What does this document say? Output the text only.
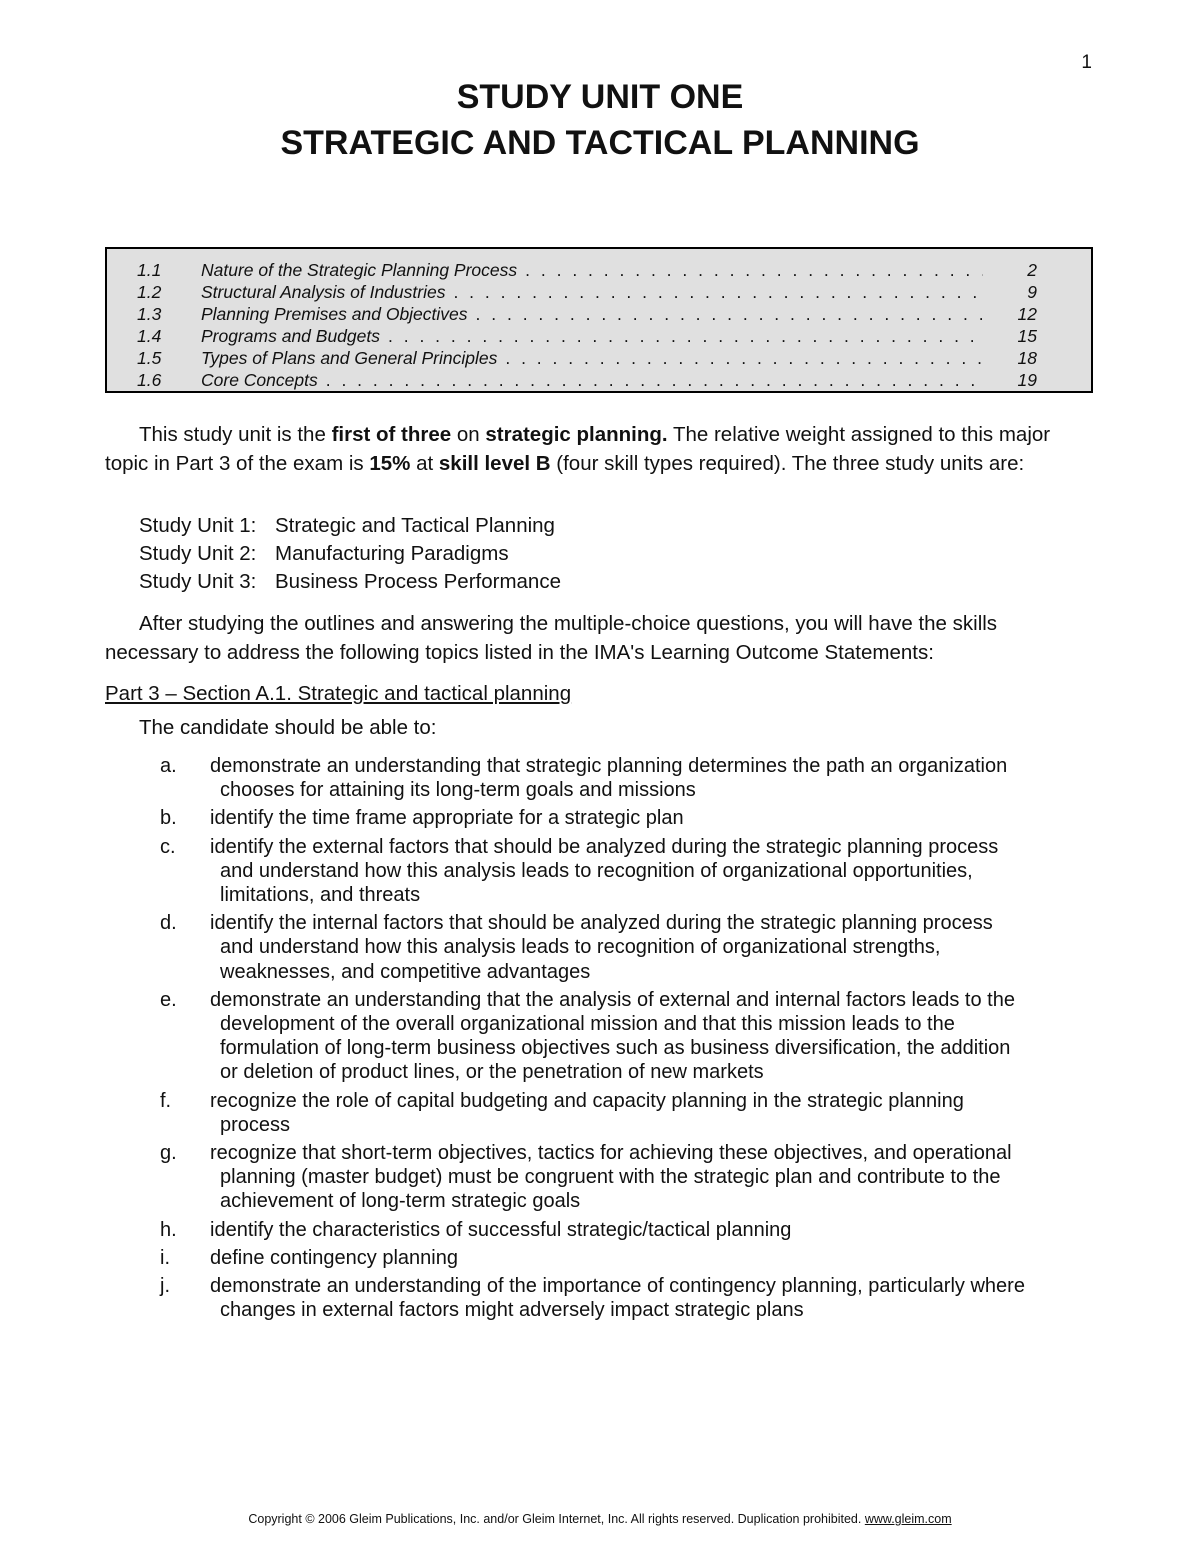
1

STUDY UNIT ONE

STRATEGIC AND TACTICAL PLANNING

1.1	Nature of the Strategic Planning Process . . .	2
1.2	Structural Analysis of Industries . . .	9
1.3	Planning Premises and Objectives . . .	12
1.4	Programs and Budgets . . .	15
1.5	Types of Plans and General Principles . . .	18
1.6	Core Concepts . . .	19

This study unit is the first of three on strategic planning. The relative weight assigned to this major topic in Part 3 of the exam is 15% at skill level B (four skill types required). The three study units are:

Study Unit 1: Strategic and Tactical Planning
Study Unit 2: Manufacturing Paradigms
Study Unit 3: Business Process Performance

After studying the outlines and answering the multiple-choice questions, you will have the skills necessary to address the following topics listed in the IMA's Learning Outcome Statements:

Part 3 – Section A.1. Strategic and tactical planning
The candidate should be able to:
a.	demonstrate an understanding that strategic planning determines the path an organization
chooses for attaining its long-term goals and missions
b.	identify the time frame appropriate for a strategic plan
c.	identify the external factors that should be analyzed during the strategic planning process
and understand how this analysis leads to recognition of organizational opportunities,
limitations, and threats
d.	identify the internal factors that should be analyzed during the strategic planning process
and understand how this analysis leads to recognition of organizational strengths,
weaknesses, and competitive advantages
e.	demonstrate an understanding that the analysis of external and internal factors leads to the
development of the overall organizational mission and that this mission leads to the
formulation of long-term business objectives such as business diversification, the addition
or deletion of product lines, or the penetration of new markets
f.	recognize the role of capital budgeting and capacity planning in the strategic planning
process
g.	recognize that short-term objectives, tactics for achieving these objectives, and operational
planning (master budget) must be congruent with the strategic plan and contribute to the
achievement of long-term strategic goals
h.	identify the characteristics of successful strategic/tactical planning
i.	define contingency planning
j.	demonstrate an understanding of the importance of contingency planning, particularly where
changes in external factors might adversely impact strategic plans
Copyright © 2006 Gleim Publications, Inc. and/or Gleim Internet, Inc. All rights reserved. Duplication prohibited. www.gleim.com
